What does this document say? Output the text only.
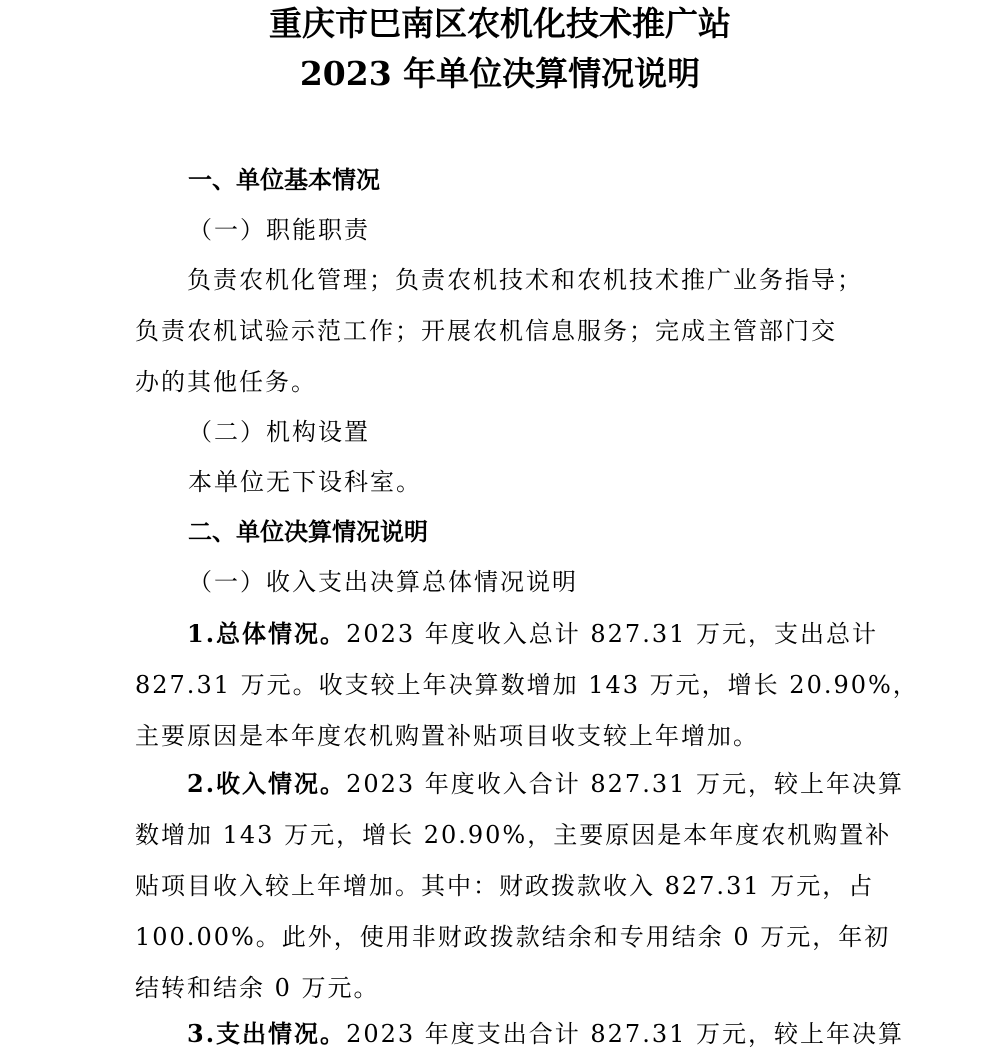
重庆市巴南区农机化技术推广站
2023 年单位决算情况说明
一、单位基本情况
（一）职能职责
负责农机化管理；负责农机技术和农机技术推广业务指导；
负责农机试验示范工作；开展农机信息服务；完成主管部门交
办的其他任务。
（二）机构设置
本单位无下设科室。
二、单位决算情况说明
（一）收入支出决算总体情况说明
1.总体情况。2023 年度收入总计 827.31 万元，支出总计
827.31 万元。收支较上年决算数增加 143 万元，增长 20.90%，
主要原因是本年度农机购置补贴项目收支较上年增加。
2.收入情况。2023 年度收入合计 827.31 万元，较上年决算
数增加 143 万元，增长 20.90%，主要原因是本年度农机购置补
贴项目收入较上年增加。其中：财政拨款收入 827.31 万元，占
100.00%。此外，使用非财政拨款结余和专用结余 0 万元，年初
结转和结余 0 万元。
3.支出情况。2023 年度支出合计 827.31 万元，较上年决算
